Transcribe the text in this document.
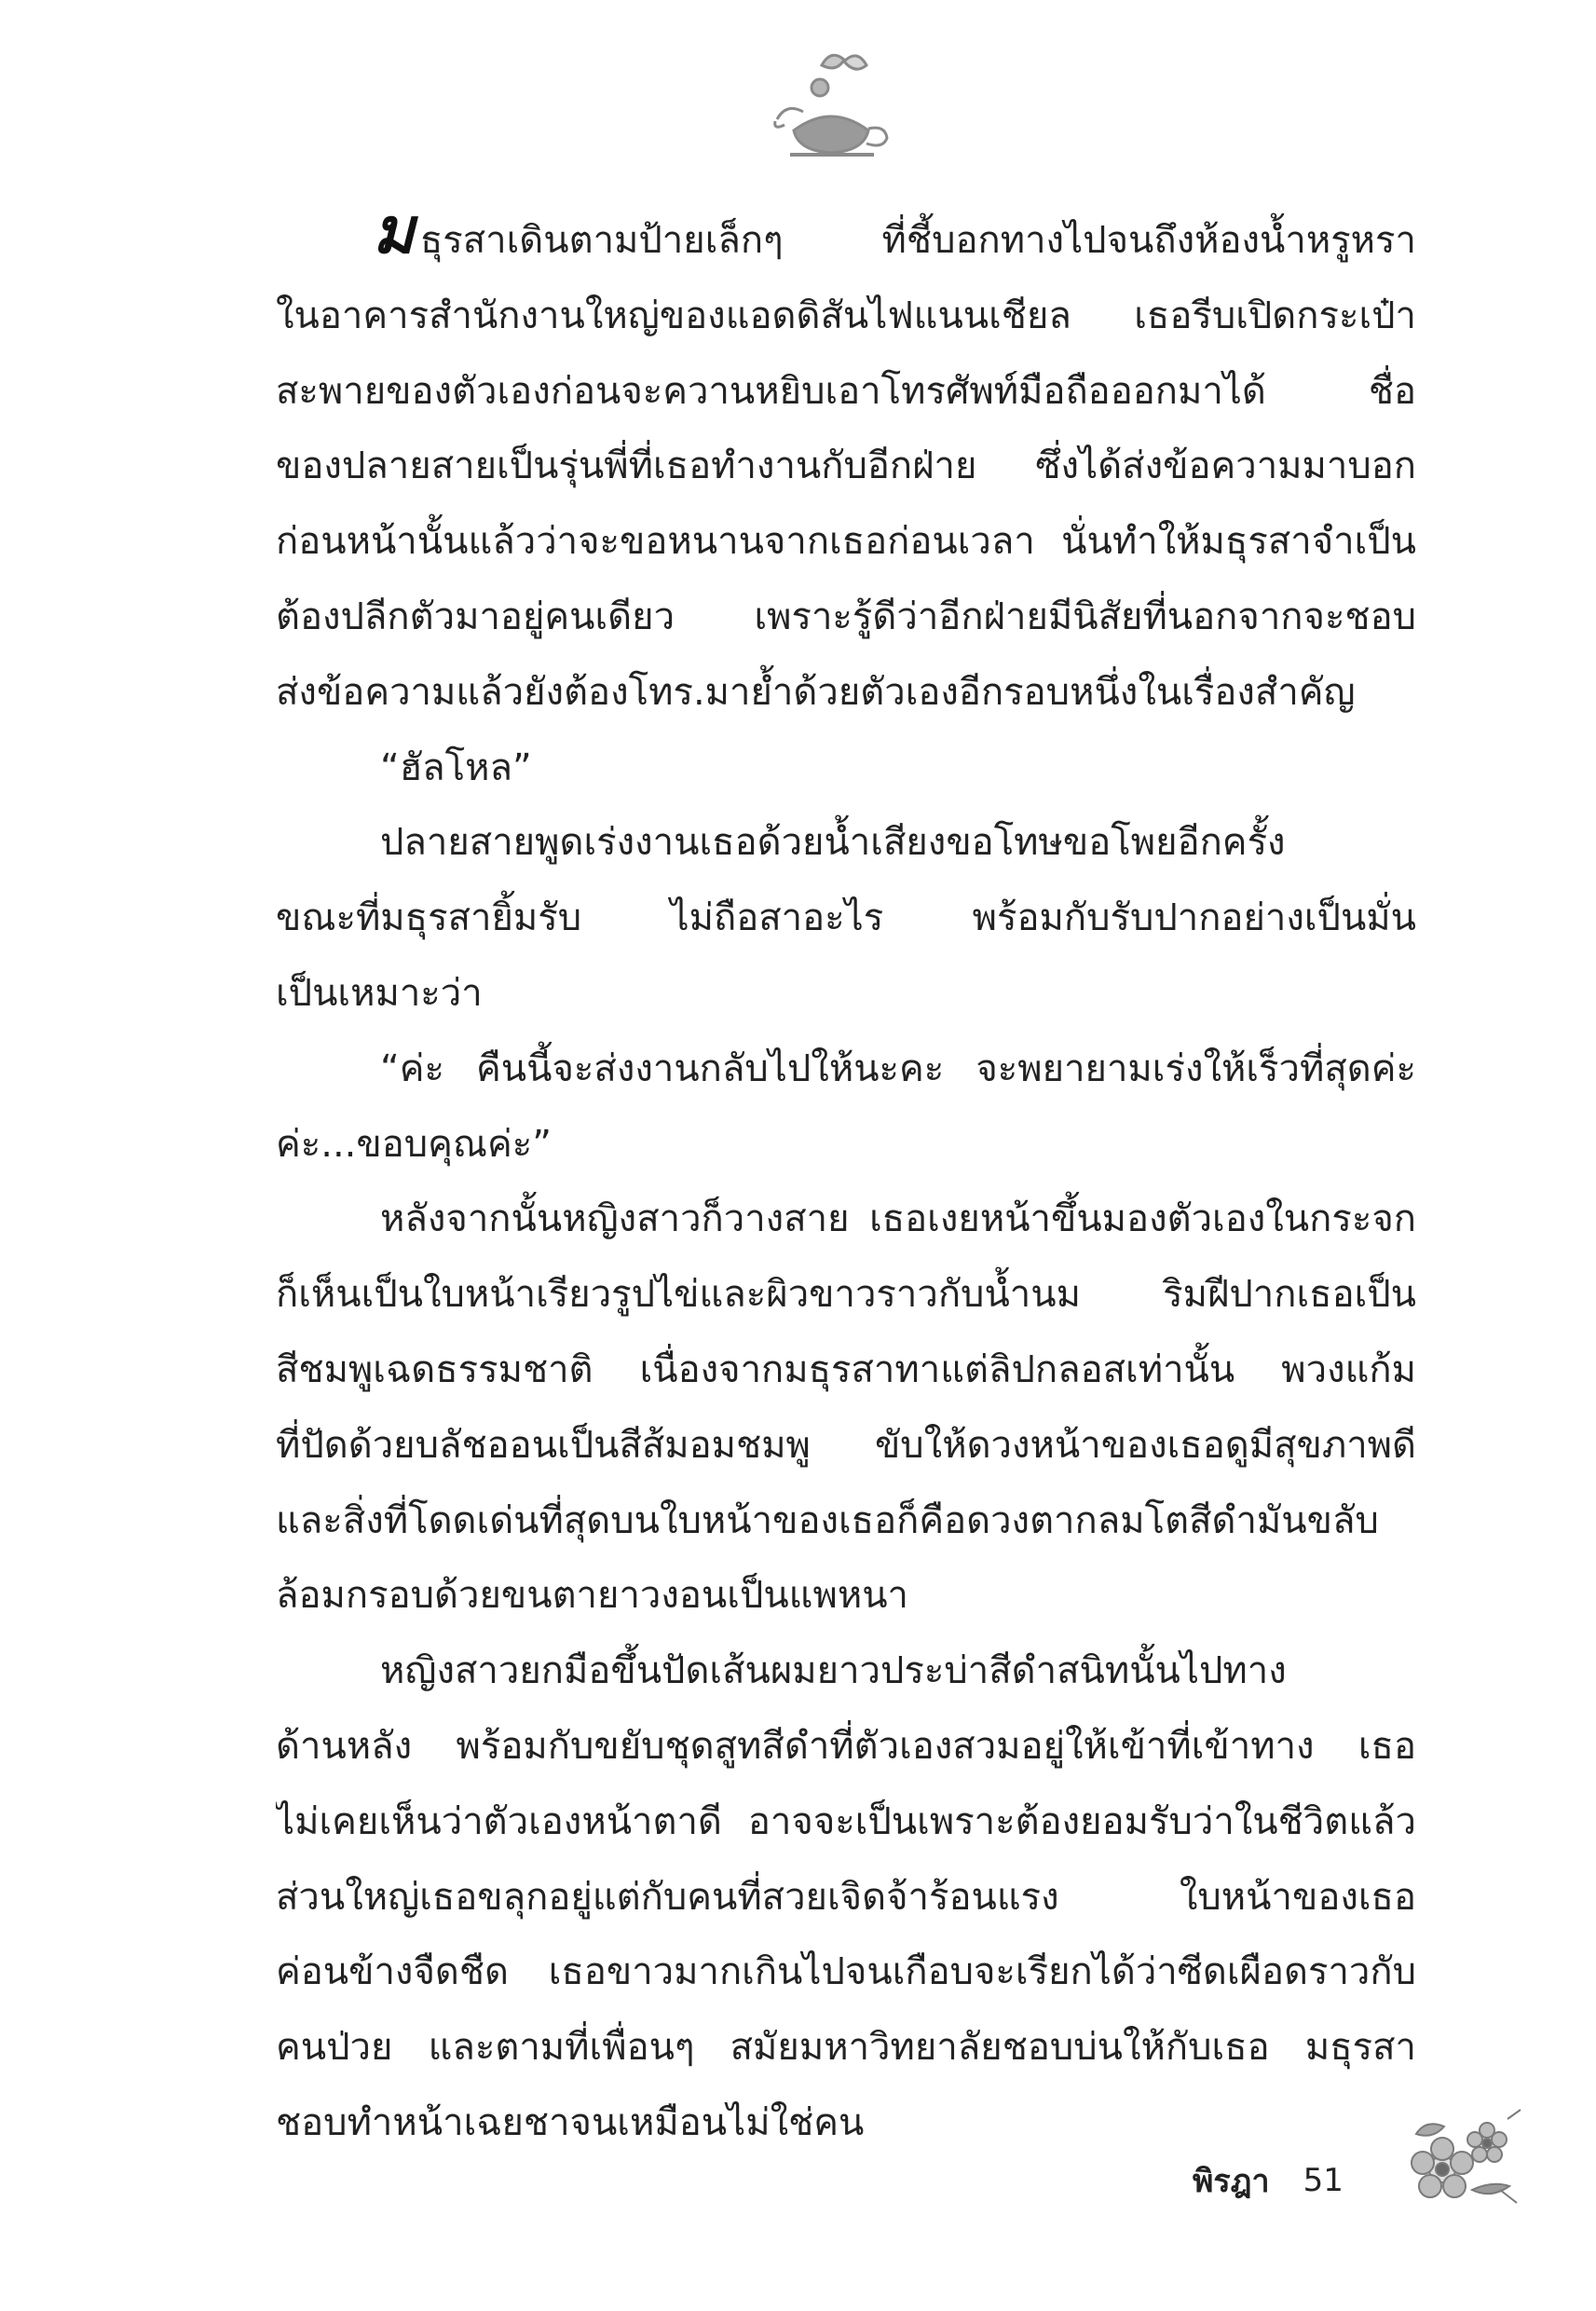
มธุรสาเดินตามป้ายเล็กๆ ที่ชี้บอกทางไปจนถึงห้องน้ำหรูหรา
ในอาคารสำนักงานใหญ่ของแอดดิสันไฟแนนเชียล เธอรีบเปิดกระเป๋า
สะพายของตัวเองก่อนจะควานหยิบเอาโทรศัพท์มือถือออกมาได้ ชื่อ
ของปลายสายเป็นรุ่นพี่ที่เธอทำงานกับอีกฝ่าย ซึ่งได้ส่งข้อความมาบอก
ก่อนหน้านั้นแล้วว่าจะขอหนานจากเธอก่อนเวลา นั่นทำให้มธุรสาจำเป็น
ต้องปลีกตัวมาอยู่คนเดียว เพราะรู้ดีว่าอีกฝ่ายมีนิสัยที่นอกจากจะชอบ
ส่งข้อความแล้วยังต้องโทร.มาย้ำด้วยตัวเองอีกรอบหนึ่งในเรื่องสำคัญ
“ฮัลโหล”
ปลายสายพูดเร่งงานเธอด้วยน้ำเสียงขอโทษขอโพยอีกครั้ง
ขณะที่มธุรสายิ้มรับ ไม่ถือสาอะไร พร้อมกับรับปากอย่างเป็นมั่น
เป็นเหมาะว่า
“ค่ะ คืนนี้จะส่งงานกลับไปให้นะคะ จะพยายามเร่งให้เร็วที่สุดค่ะ
ค่ะ...ขอบคุณค่ะ”
หลังจากนั้นหญิงสาวก็วางสาย เธอเงยหน้าขึ้นมองตัวเองในกระจก
ก็เห็นเป็นใบหน้าเรียวรูปไข่และผิวขาวราวกับน้ำนม ริมฝีปากเธอเป็น
สีชมพูเฉดธรรมชาติ เนื่องจากมธุรสาทาแต่ลิปกลอสเท่านั้น พวงแก้ม
ที่ปัดด้วยบลัชออนเป็นสีส้มอมชมพู ขับให้ดวงหน้าของเธอดูมีสุขภาพดี
และสิ่งที่โดดเด่นที่สุดบนใบหน้าของเธอก็คือดวงตากลมโตสีดำมันขลับ
ล้อมกรอบด้วยขนตายาวงอนเป็นแพหนา
หญิงสาวยกมือขึ้นปัดเส้นผมยาวประบ่าสีดำสนิทนั้นไปทาง
ด้านหลัง พร้อมกับขยับชุดสูทสีดำที่ตัวเองสวมอยู่ให้เข้าที่เข้าทาง เธอ
ไม่เคยเห็นว่าตัวเองหน้าตาดี อาจจะเป็นเพราะต้องยอมรับว่าในชีวิตแล้ว
ส่วนใหญ่เธอขลุกอยู่แต่กับคนที่สวยเจิดจ้าร้อนแรง ใบหน้าของเธอ
ค่อนข้างจืดชืด เธอขาวมากเกินไปจนเกือบจะเรียกได้ว่าซีดเผือดราวกับ
คนป่วย และตามที่เพื่อนๆ สมัยมหาวิทยาลัยชอบบ่นให้กับเธอ มธุรสา
ชอบทำหน้าเฉยชาจนเหมือนไม่ใช่คน
พิรฎา 51
